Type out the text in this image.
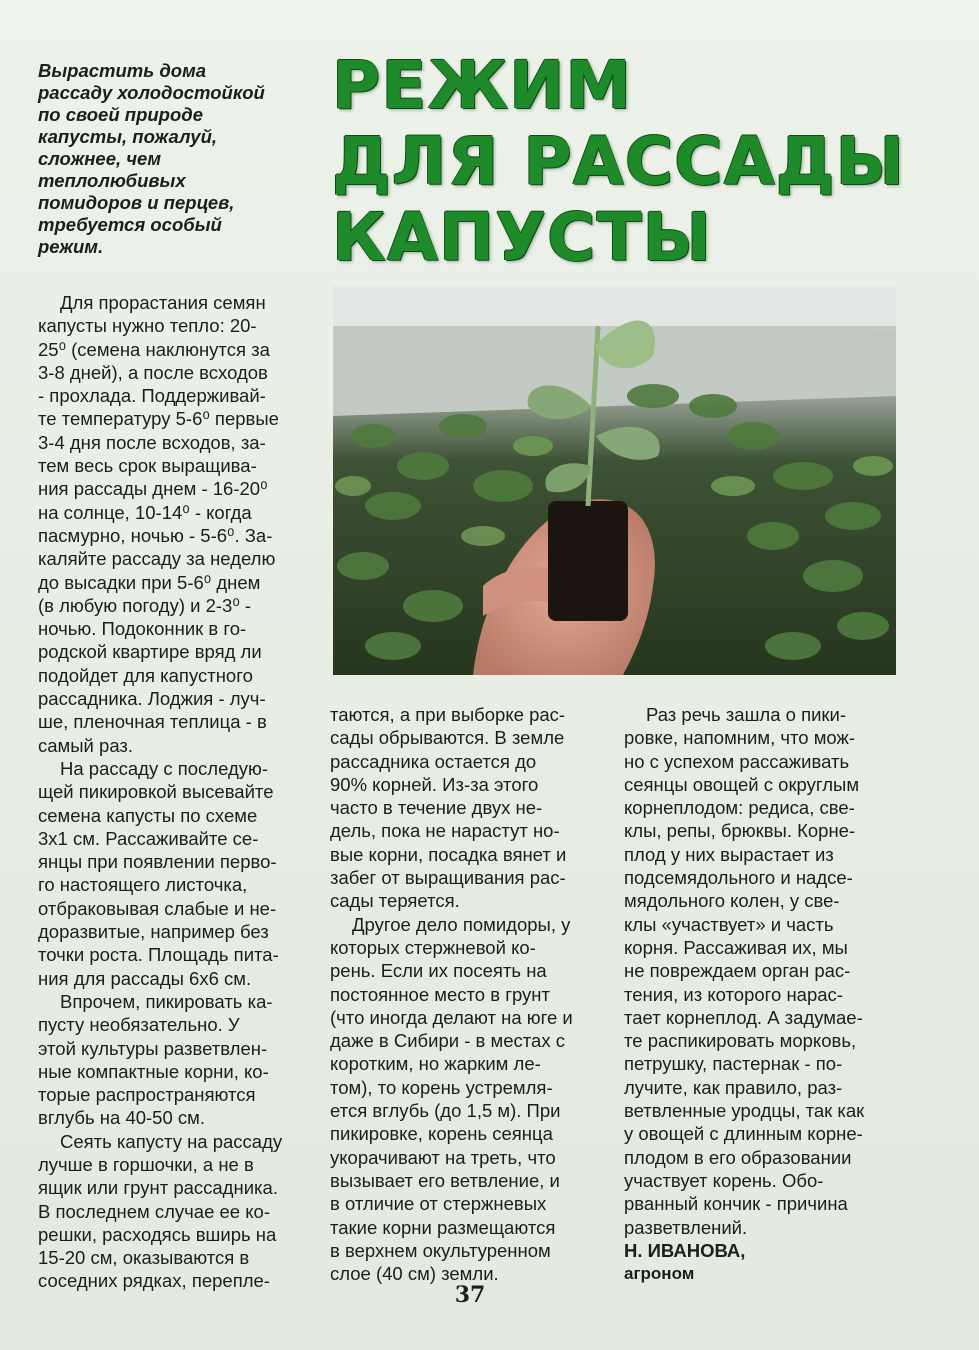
Вырастить дома
рассаду холодостойкой
по своей природе
капусты, пожалуй,
сложнее, чем
теплолюбивых
помидоров и перцев,
требуется особый
режим.
РЕЖИМ
ДЛЯ РАССАДЫ
КАПУСТЫ
Для прорастания семян
капусты нужно тепло: 20-
25⁰ (семена наклюнутся за
3-8 дней), а после всходов
- прохлада. Поддерживай-
те температуру 5-6⁰ первые
3-4 дня после всходов, за-
тем весь срок выращива-
ния рассады днем - 16-20⁰
на солнце, 10-14⁰ - когда
пасмурно, ночью - 5-6⁰. За-
каляйте рассаду за неделю
до высадки при 5-6⁰ днем
(в любую погоду) и 2-3⁰ -
ночью. Подоконник в го-
родской квартире вряд ли
подойдет для капустного
рассадника. Лоджия - луч-
ше, пленочная теплица - в
самый раз.
На рассаду с последую-
щей пикировкой высевайте
семена капусты по схеме
3х1 см. Рассаживайте се-
янцы при появлении перво-
го настоящего листочка,
отбраковывая слабые и не-
доразвитые, например без
точки роста. Площадь пита-
ния для рассады 6х6 см.
Впрочем, пикировать ка-
пусту необязательно. У
этой культуры разветвлен-
ные компактные корни, ко-
торые распространяются
вглубь на 40-50 см.
Сеять капусту на рассаду
лучше в горшочки, а не в
ящик или грунт рассадника.
В последнем случае ее ко-
решки, расходясь вширь на
15-20 см, оказываются в
соседних рядках, перепле-
таются, а при выборке рас-
сады обрываются. В земле
рассадника остается до
90% корней. Из-за этого
часто в течение двух не-
дель, пока не нарастут но-
вые корни, посадка вянет и
забег от выращивания рас-
сады теряется.
Другое дело помидоры, у
которых стержневой ко-
рень. Если их посеять на
постоянное место в грунт
(что иногда делают на юге и
даже в Сибири - в местах с
коротким, но жарким ле-
том), то корень устремля-
ется вглубь (до 1,5 м). При
пикировке, корень сеянца
укорачивают на треть, что
вызывает его ветвление, и
в отличие от стержневых
такие корни размещаются
в верхнем окультуренном
слое (40 см) земли.
Раз речь зашла о пики-
ровке, напомним, что мож-
но с успехом рассаживать
сеянцы овощей с округлым
корнеплодом: редиса, све-
клы, репы, брюквы. Корне-
плод у них вырастает из
подсемядольного и надсе-
мядольного колен, у све-
клы «участвует» и часть
корня. Рассаживая их, мы
не повреждаем орган рас-
тения, из которого нарас-
тает корнеплод. А задумае-
те распикировать морковь,
петрушку, пастернак - по-
лучите, как правило, раз-
ветвленные уродцы, так как
у овощей с длинным корне-
плодом в его образовании
участвует корень. Обо-
рванный кончик - причина
разветвлений.
Н. ИВАНОВА,
агроном
37
